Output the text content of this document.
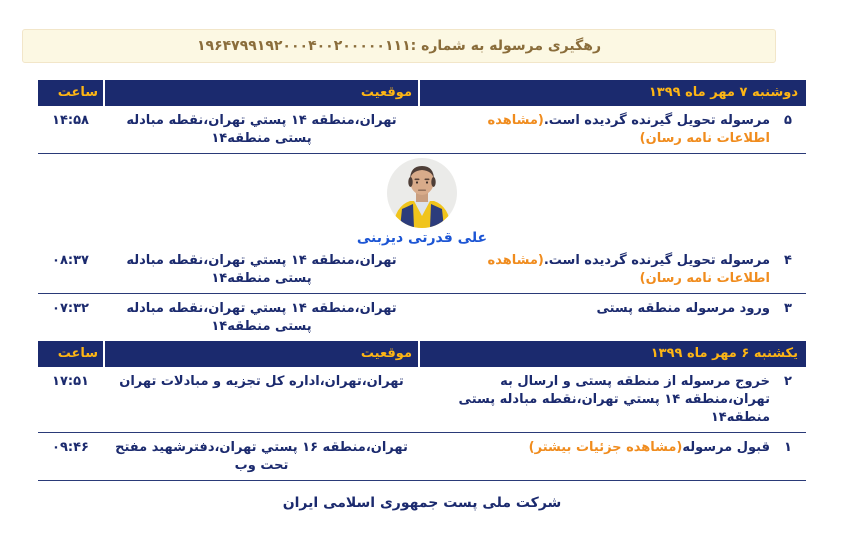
رهگیری مرسوله به شماره :
۱۹۶۴۷۹۹۱۹۲۰۰۰۴۰۰۲۰۰۰۰۰۱۱۱
دوشنبه ۷ مهر ماه ۱۳۹۹
موقعیت
ساعت
۵
مرسوله تحویل گیرنده گردیده است.(مشاهده اطلاعات نامه رسان)
تهران،منطقه ۱۴ پستي تهران،نقطه مبادله پستی منطقه۱۴
۱۴:۵۸
علی قدرتی دیزبنی
۴
مرسوله تحویل گیرنده گردیده است.(مشاهده اطلاعات نامه رسان)
تهران،منطقه ۱۴ پستي تهران،نقطه مبادله پستی منطقه۱۴
۰۸:۳۷
۳
ورود مرسوله منطقه پستی
تهران،منطقه ۱۴ پستي تهران،نقطه مبادله پستی منطقه۱۴
۰۷:۳۲
یکشنبه ۶ مهر ماه ۱۳۹۹
موقعیت
ساعت
۲
خروج مرسوله از منطقه پستی و ارسال به تهران،منطقه ۱۴ پستي تهران،نقطه مبادله پستی منطقه۱۴
تهران،تهران،اداره کل تجزیه و مبادلات تهران
۱۷:۵۱
۱
قبول مرسوله(مشاهده جزئیات بیشتر)
تهران،منطقه ۱۶ پستي تهران،دفترشهید مفتح تحت وب
۰۹:۴۶
شرکت ملی پست جمهوری اسلامی ایران
